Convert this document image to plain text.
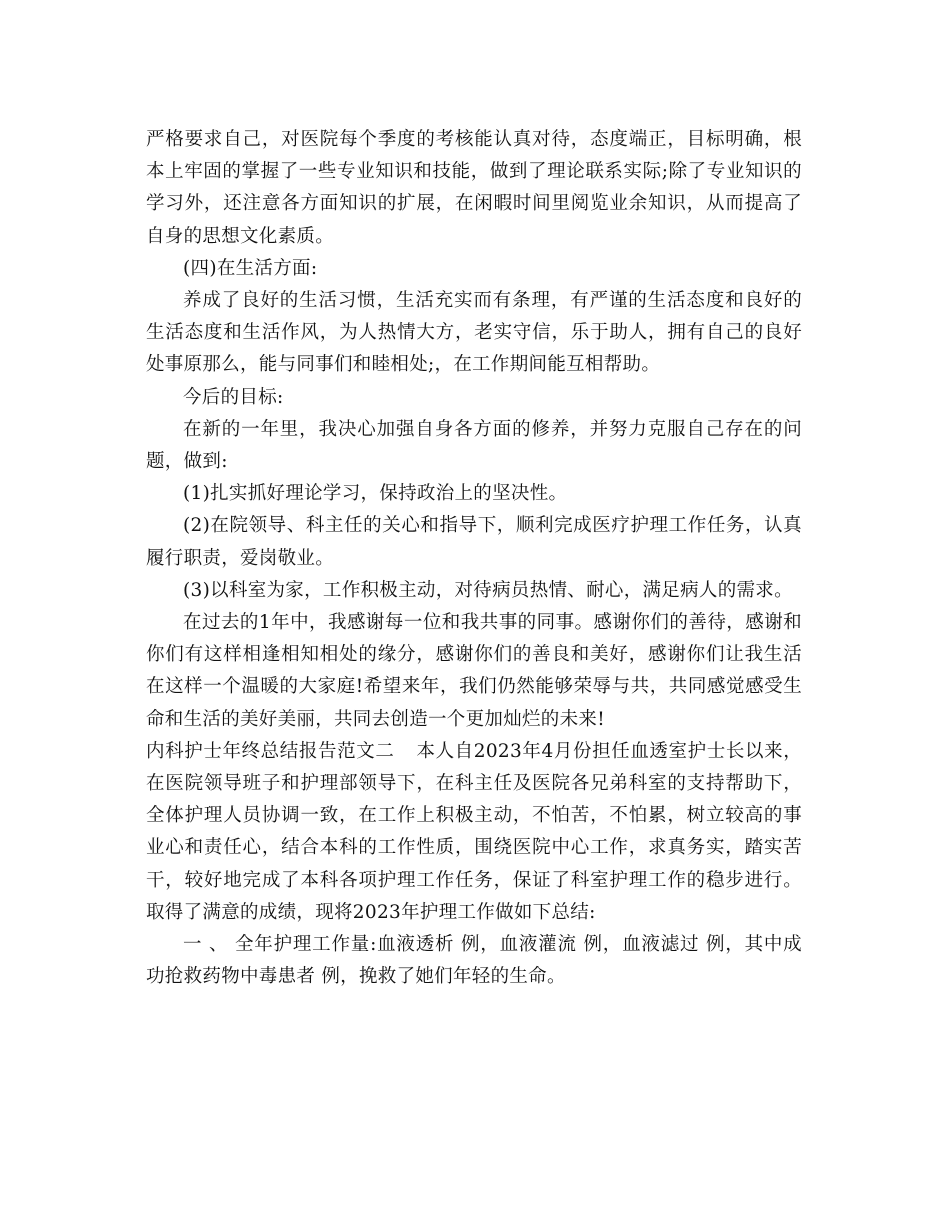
严格要求自己，对医院每个季度的考核能认真对待，态度端正，目标明确，根本上牢固的掌握了一些专业知识和技能，做到了理论联系实际;除了专业知识的学习外，还注意各方面知识的扩展，在闲暇时间里阅览业余知识，从而提高了自身的思想文化素质。

(四)在生活方面:

养成了良好的生活习惯，生活充实而有条理，有严谨的生活态度和良好的生活态度和生活作风，为人热情大方，老实守信，乐于助人，拥有自己的良好处事原那么，能与同事们和睦相处;，在工作期间能互相帮助。

今后的目标:

在新的一年里，我决心加强自身各方面的修养，并努力克服自己存在的问题，做到:

(1)扎实抓好理论学习，保持政治上的坚决性。

(2)在院领导、科主任的关心和指导下，顺利完成医疗护理工作任务，认真履行职责，爱岗敬业。

(3)以科室为家，工作积极主动，对待病员热情、耐心，满足病人的需求。

在过去的1年中，我感谢每一位和我共事的同事。感谢你们的善待，感谢和你们有这样相逢相知相处的缘分，感谢你们的善良和美好，感谢你们让我生活在这样一个温暖的大家庭!希望来年，我们仍然能够荣辱与共，共同感觉感受生命和生活的美好美丽，共同去创造一个更加灿烂的未来!

内科护士年终总结报告范文二 本人自2023年4月份担任血透室护士长以来，在医院领导班子和护理部领导下，在科主任及医院各兄弟科室的支持帮助下，全体护理人员协调一致，在工作上积极主动，不怕苦，不怕累，树立较高的事业心和责任心，结合本科的工作性质，围绕医院中心工作，求真务实，踏实苦干，较好地完成了本科各项护理工作任务，保证了科室护理工作的稳步进行。取得了满意的成绩，现将2023年护理工作做如下总结:

一 、 全年护理工作量:血液透析 例，血液灌流 例，血液滤过 例，其中成功抢救药物中毒患者 例，挽救了她们年轻的生命。
